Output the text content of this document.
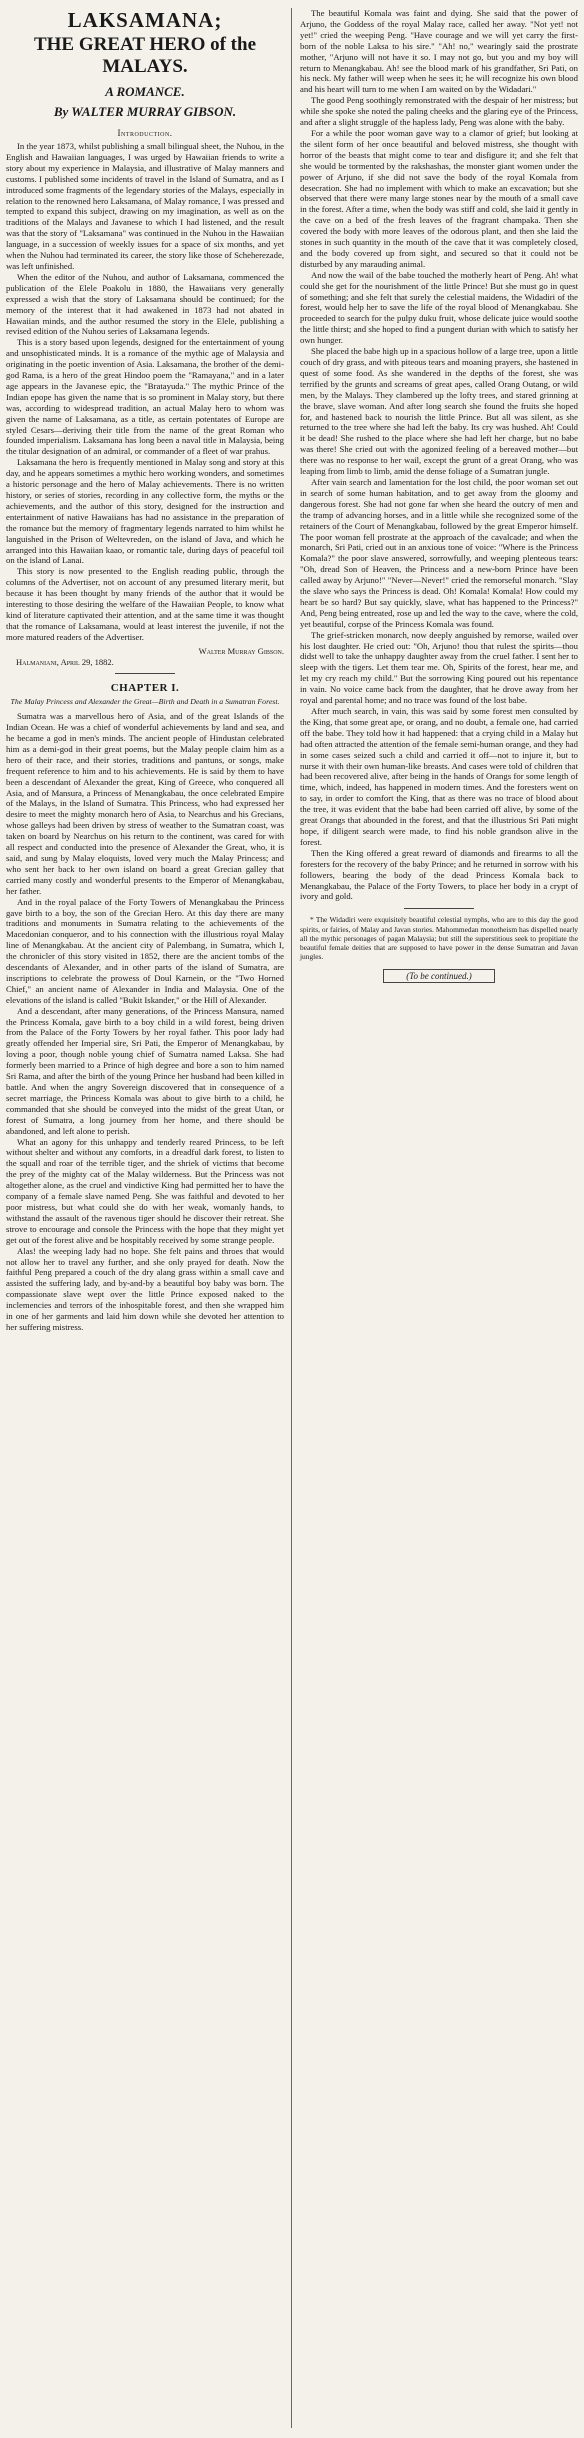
LAKSAMANA;
THE GREAT HERO of the MALAYS.
A ROMANCE.
By WALTER MURRAY GIBSON.
Introduction.

In the year 1873, whilst publishing a small bilingual sheet, the Nuhou, in the English and Hawaiian languages, I was urged by Hawaiian friends to write a story about my experience in Malaysia, and illustrative of Malay manners and customs. I published some incidents of travel in the Island of Sumatra, and as I introduced some fragments of the legendary stories of the Malays, especially in relation to the renowned hero Laksamana, of Malay romance, I was pressed and tempted to expand this subject, drawing on my imagination, as well as on the traditions of the Malays and Javanese to which I had listened, and the result was that the story of "Laksamana" was continued in the Nuhou in the Hawaiian language, in a succession of weekly issues for a space of six months, and yet when the Nuhou had terminated its career, the story like those of Scheherezade, was left unfinished.

When the editor of the Nuhou, and author of Laksamana, commenced the publication of the Elele Poakolu in 1880, the Hawaiians very generally expressed a wish that the story of Laksamana should be continued; for the memory of the interest that it had awakened in 1873 had not abated in Hawaiian minds, and the author resumed the story in the Elele, publishing a revised edition of the Nuhou series of Laksamana legends.

This is a story based upon legends, designed for the entertainment of young and unsophisticated minds. It is a romance of the mythic age of Malaysia and originating in the poetic invention of Asia. Laksamana, the brother of the demi-god Rama, is a hero of the great Hindoo poem the "Ramayana," and in a later age appears in the Javanese epic, the "Bratayuda." The mythic Prince of the Indian epope has given the name that is so prominent in Malay story, but there was, according to widespread tradition, an actual Malay hero to whom was given the name of Laksamana, as a title, as certain potentates of Europe are styled Cesars—deriving their title from the name of the great Roman who founded imperialism. Laksamana has long been a naval title in Malaysia, being the titular designation of an admiral, or commander of a fleet of war prahus.

Laksamana the hero is frequently mentioned in Malay song and story at this day, and he appears sometimes a mythic hero working wonders, and sometimes a historic personage and the hero of Malay achievements. There is no written history, or series of stories, recording in any collective form, the myths or the achievements, and the author of this story, designed for the instruction and entertainment of native Hawaiians has had no assistance in the preparation of the romance but the memory of fragmentary legends narrated to him whilst he languished in the Prison of Weltevreden, on the island of Java, and which he arranged into this Hawaiian kaao, or romantic tale, during days of peaceful toil on the island of Lanai.

This story is now presented to the English reading public, through the columns of the Advertiser, not on account of any presumed literary merit, but because it has been thought by many friends of the author that it would be interesting to those desiring the welfare of the Hawaiian People, to know what kind of literature captivated their attention, and at the same time it was thought that the romance of Laksamana, would at least interest the juvenile, if not the more matured readers of the Advertiser.

Walter Murray Gibson.
Halmaniani, April 29, 1882.
CHAPTER I.
The Malay Princess and Alexander the Great—Birth and Death in a Sumatran Forest.

Sumatra was a marvellous hero of Asia, and of the great Islands of the Indian Ocean. He was a chief of wonderful achievements by land and sea, and he became a god in men's minds. The ancient people of Hindustan celebrated him as a demi-god in their great poems, but the Malay people claim him as a hero of their race, and their stories, traditions and pantuns, or songs, make frequent reference to him and to his achievements. He is said by them to have been a descendant of Alexander the great, King of Greece, who conquered all Asia, and of Mansura, a Princess of Menangkabau, the once celebrated Empire of the Malays, in the Island of Sumatra. This Princess, who had expressed her desire to meet the mighty monarch hero of Asia, to Nearchus and his Grecians, whose galleys had been driven by stress of weather to the Sumatran coast, was taken on board by Nearchus on his return to the continent, was cared for with all respect and conducted into the presence of Alexander the Great, who, it is said, and sung by Malay eloquists, loved very much the Malay Princess; and who sent her back to her own island on board a great Grecian galley that carried many costly and wonderful presents to the Emperor of Menangkabau, her father.

And in the royal palace of the Forty Towers of Menangkabau the Princess gave birth to a boy, the son of the Grecian Hero. At this day there are many traditions and monuments in Sumatra relating to the achievements of the Macedonian conqueror, and to his connection with the illustrious royal Malay line of Menangkabau. At the ancient city of Palembang, in Sumatra, which I, the chronicler of this story visited in 1852, there are the ancient tombs of the descendants of Alexander, and in other parts of the island of Sumatra, are inscriptions to celebrate the prowess of Doul Karnein, or the "Two Horned Chief," an ancient name of Alexander in India and Malaysia. One of the elevations of the island is called "Bukit Iskander," or the Hill of Alexander.

And a descendant, after many generations, of the Princess Mansura, named the Princess Komala, gave birth to a boy child in a wild forest, being driven from the Palace of the Forty Towers by her royal father. This poor lady had greatly offended her Imperial sire, Sri Pati, the Emperor of Menangkabau, by loving a poor, though noble young chief of Sumatra named Laksa. She had formerly been married to a Prince of high degree and bore a son to him named Sri Rama, and after the birth of the young Prince her husband had been killed in battle. And when the angry Sovereign discovered that in consequence of a secret marriage, the Princess Komala was about to give birth to a child, he commanded that she should be conveyed into the midst of the great Utan, or forest of Sumatra, a long journey from her home, and there should be abandoned, and left alone to perish.

What an agony for this unhappy and tenderly reared Princess, to be left without shelter and without any comforts, in a dreadful dark forest, to listen to the squall and roar of the terrible tiger, and the shriek of victims that become the prey of the mighty cat of the Malay wilderness. But the Princess was not altogether alone, as the cruel and vindictive King had permitted her to have the company of a female slave named Peng. She was faithful and devoted to her poor mistress, but what could she do with her weak, womanly hands, to withstand the assault of the ravenous tiger should he discover their retreat. She strove to encourage and console the Princess with the hope that they might yet get out of the forest alive and be hospitably received by some strange people.

Alas! the weeping lady had no hope. She felt pains and throes that would not allow her to travel any further, and she only prayed for death. Now the faithful Peng prepared a couch of the dry alang grass within a small cave and assisted the suffering lady, and by-and-by a beautiful boy baby was born. The compassionate slave wept over the little Prince exposed naked to the inclemencies and terrors of the inhospitable forest, and then she wrapped him in one of her garments and laid him down while she devoted her attention to her suffering mistress.

The beautiful Komala was faint and dying. She said that the power of Arjuno, the Goddess of the royal Malay race, called her away. "Not yet! not yet!" cried the weeping Peng. "Have courage and we will yet carry the first-born of the noble Laksa to his sire." "Ah! no," wearingly said the prostrate mother, "Arjuno will not have it so. I may not go, but you and my boy will return to Menangkabau. Ah! see the blood mark of his grandfather, Sri Pati, on his neck. My father will weep when he sees it; he will recognize his own blood and his heart will turn to me when I am waited on by the Widadari."

The good Peng soothingly remonstrated with the despair of her mistress; but while she spoke she noted the paling cheeks and the glaring eye of the Princess, and after a slight struggle of the hapless lady, Peng was alone with the baby.

For a while the poor woman gave way to a clamor of grief; but looking at the silent form of her once beautiful and beloved mistress, she thought with horror of the beasts that might come to tear and disfigure it; and she felt that she would be tormented by the rakshashas, the monster giant women under the power of Arjuno, if she did not save the body of the royal Komala from desecration. She had no implement with which to make an excavation; but she observed that there were many large stones near by the mouth of a small cave in the forest. After a time, when the body was stiff and cold, she laid it gently in the cave on a bed of the fresh leaves of the fragrant champaka. Then she covered the body with more leaves of the odorous plant, and then she laid the stones in such quantity in the mouth of the cave that it was completely closed, and the body covered up from sight, and secured so that it could not be disturbed by any marauding animal.

And now the wail of the babe touched the motherly heart of Peng. Ah! what could she get for the nourishment of the little Prince! But she must go in quest of something; and she felt that surely the celestial maidens, the Widadiri of the forest, would help her to save the life of the royal blood of Menangkabau. She proceeded to search for the pulpy duku fruit, whose delicate juice would soothe the little thirst; and she hoped to find a pungent durian with which to satisfy her own hunger.

She placed the babe high up in a spacious hollow of a large tree, upon a little couch of dry grass, and with piteous tears and moaning prayers, she hastened in quest of some food. As she wandered in the depths of the forest, she was terrified by the grunts and screams of great apes, called Orang Outang, or wild men, by the Malays. They clambered up the lofty trees, and stared grinning at the brave, slave woman. And after long search she found the fruits she hoped for, and hastened back to nourish the little Prince. But all was silent, as she returned to the tree where she had left the baby. Its cry was hushed. Ah! Could it be dead! She rushed to the place where she had left her charge, but no babe was there! She cried out with the agonized feeling of a bereaved mother—but there was no response to her wail, except the grunt of a great Orang, who was leaping from limb to limb, amid the dense foliage of a Sumatran jungle.

After vain search and lamentation for the lost child, the poor woman set out in search of some human habitation, and to get away from the gloomy and dangerous forest. She had not gone far when she heard the outcry of men and the tramp of advancing horses, and in a little while she recognized some of the retainers of the Court of Menangkabau, followed by the great Emperor himself. The poor woman fell prostrate at the approach of the cavalcade; and when the monarch, Sri Pati, cried out in an anxious tone of voice: "Where is the Princess Komala?" the poor slave answered, sorrowfully, and weeping plenteous tears: "Oh, dread Son of Heaven, the Princess and a new-born Prince have been called away by Arjuno!" "Never—Never!" cried the remorseful monarch. "Slay the slave who says the Princess is dead. Oh! Komala! Komala! How could my heart be so hard? But say quickly, slave, what has happened to the Princess?" And, Peng being entreated, rose up and led the way to the cave, where the cold, yet beautiful, corpse of the Princess Komala was found.

The grief-stricken monarch, now deeply anguished by remorse, wailed over his lost daughter. He cried out: "Oh, Arjuno! thou that rulest the spirits—thou didst well to take the unhappy daughter away from the cruel father. I sent her to sleep with the tigers. Let them tear me. Oh, Spirits of the forest, hear me, and let my cry reach my child." But the sorrowing King poured out his repentance in vain. No voice came back from the daughter, that he drove away from her royal and parental home; and no trace was found of the lost babe.

After much search, in vain, this was said by some forest men consulted by the King, that some great ape, or orang, and no doubt, a female one, had carried off the babe. They told how it had happened: that a crying child in a Malay hut had often attracted the attention of the female semi-human orange, and they had in some cases seized such a child and carried it off—not to injure it, but to nurse it with their own human-like breasts. And cases were told of children that had been recovered alive, after being in the hands of Orangs for some length of time, which, indeed, has happened in modern times. And the foresters went on to say, in order to comfort the King, that as there was no trace of blood about the tree, it was evident that the babe had been carried off alive, by some of the great Orangs that abounded in the forest, and that the illustrious Sri Pati might hope, if diligent search were made, to find his noble grandson alive in the forest.

Then the King offered a great reward of diamonds and firearms to all the foresters for the recovery of the baby Prince; and he returned in sorrow with his followers, bearing the body of the dead Princess Komala back to Menangkabau, the Palace of the Forty Towers, to place her body in a crypt of ivory and gold.

* The Widadiri were exquisitely beautiful celestial nymphs, who are to this day the good spirits, or fairies, of Malay and Javan stories. Mahommedan monotheism has dispelled nearly all the mythic personages of pagan Malaysia; but still the superstitious seek to propitiate the beautiful female deities that are supposed to have power in the dense Sumatran and Javan jungles.

(To be continued.)
